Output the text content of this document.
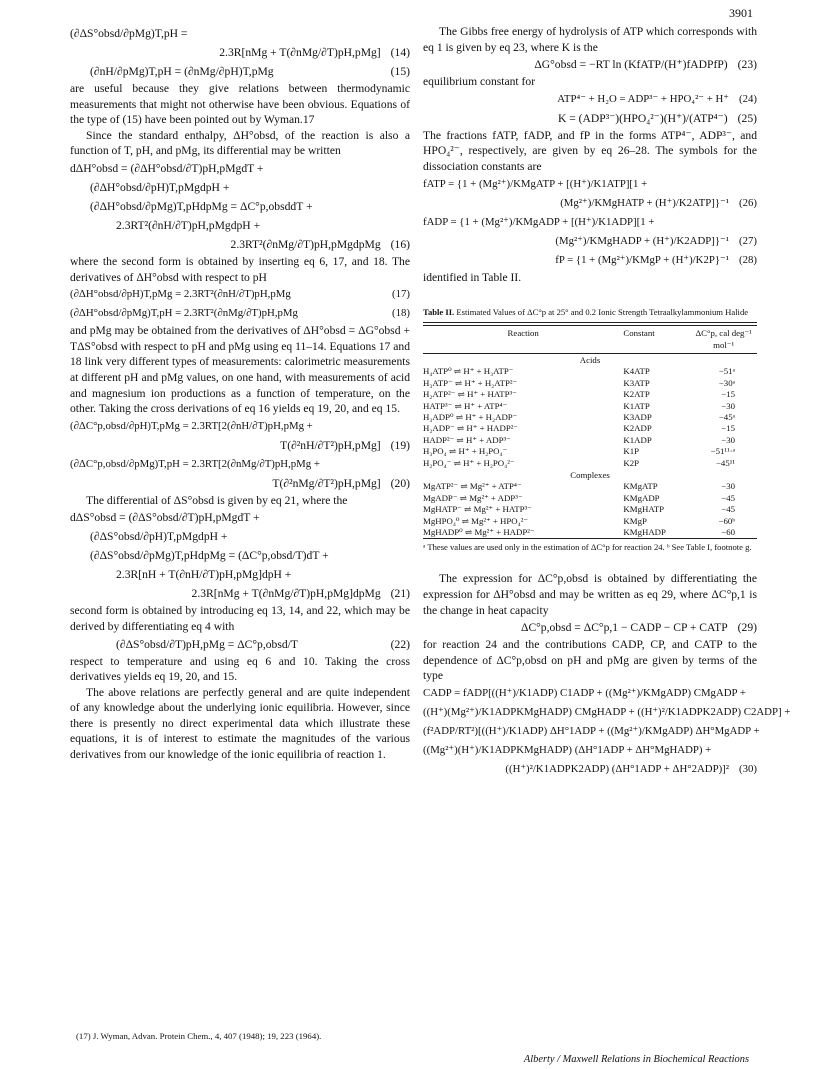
3901
(∂ΔS°obsd/∂pMg)T,pH =
2.3R[nMg + T(∂nMg/∂T)pH,pMg] (14)
(∂nH/∂pMg)T,pH = (∂nMg/∂pH)T,pMg	(15)

are useful because they give relations between thermodynamic measurements that might not otherwise have been obvious. Equations of the type of (15) have been pointed out by Wyman.17

Since the standard enthalpy, ΔH°obsd, of the reaction is also a function of T, pH, and pMg, its differential may be written

dΔH°obsd = (∂ΔH°obsd/∂T)pH,pMgdT +
(∂ΔH°obsd/∂pH)T,pMgdpH +
(∂ΔH°obsd/∂pMg)T,pHdpMg = ΔC°p,obsddT +
2.3RT²(∂nH/∂T)pH,pMgdpH +
2.3RT²(∂nMg/∂T)pH,pMgdpMg (16)

where the second form is obtained by inserting eq 6, 17, and 18. The derivatives of ΔH°obsd with respect to pH

(∂ΔH°obsd/∂pH)T,pMg = 2.3RT²(∂nH/∂T)pH,pMg	(17)
(∂ΔH°obsd/∂pMg)T,pH = 2.3RT²(∂nMg/∂T)pH,pMg	(18)

and pMg may be obtained from the derivatives of ΔH°obsd = ΔG°obsd + TΔS°obsd with respect to pH and pMg using eq 11–14. Equations 17 and 18 link very different types of measurements: calorimetric measurements at different pH and pMg values, on one hand, with measurements of acid and magnesium ion productions as a function of temperature, on the other. Taking the cross derivations of eq 16 yields eq 19, 20, and eq 15.

(∂ΔC°p,obsd/∂pH)T,pMg = 2.3RT[2(∂nH/∂T)pH,pMg +
T(∂²nH/∂T²)pH,pMg] (19)
(∂ΔC°p,obsd/∂pMg)T,pH = 2.3RT[2(∂nMg/∂T)pH,pMg +
T(∂²nMg/∂T²)pH,pMg] (20)

The differential of ΔS°obsd is given by eq 21, where the

dΔS°obsd = (∂ΔS°obsd/∂T)pH,pMgdT +
(∂ΔS°obsd/∂pH)T,pMgdpH +
(∂ΔS°obsd/∂pMg)T,pHdpMg = (ΔC°p,obsd/T)dT +
2.3R[nH + T(∂nH/∂T)pH,pMg]dpH +
2.3R[nMg + T(∂nMg/∂T)pH,pMg]dpMg (21)

second form is obtained by introducing eq 13, 14, and 22, which may be derived by differentiating eq 4 with

(∂ΔS°obsd/∂T)pH,pMg = ΔC°p,obsd/T	(22)

respect to temperature and using eq 6 and 10. Taking the cross derivatives yields eq 19, 20, and 15.

The above relations are perfectly general and are quite independent of any knowledge about the underlying ionic equilibria. However, since there is presently no direct experimental data which illustrate these equations, it is of interest to estimate the magnitudes of the various derivatives from our knowledge of the ionic equilibria of reaction 1.

(17) J. Wyman, Advan. Protein Chem., 4, 407 (1948); 19, 223 (1964).

The Gibbs free energy of hydrolysis of ATP which corresponds with eq 1 is given by eq 23, where K is the

ΔG°obsd = −RT ln (KfATP/(H⁺)fADPfP) (23)

equilibrium constant for

ATP⁴⁻ + H₂O = ADP³⁻ + HPO₄²⁻ + H⁺ (24)
K = (ADP³⁻)(HPO₄²⁻)(H⁺)/(ATP⁴⁻) (25)

The fractions fATP, fADP, and fP in the forms ATP⁴⁻, ADP³⁻, and HPO₄²⁻, respectively, are given by eq 26–28. The symbols for the dissociation constants are

fATP = {1 + (Mg²⁺)/KMgATP + [(H⁺)/K1ATP][1 +
(Mg²⁺)/KMgHATP + (H⁺)/K2ATP]}⁻¹ (26)
fADP = {1 + (Mg²⁺)/KMgADP + [(H⁺)/K1ADP][1 +
(Mg²⁺)/KMgHADP + (H⁺)/K2ADP]}⁻¹ (27)
fP = {1 + (Mg²⁺)/KMgP + (H⁺)/K2P}⁻¹ (28)

identified in Table II.

Table II. Estimated Values of ΔC°p at 25° and 0.2 Ionic Strength Tetraalkylammonium Halide
Reaction	Constant	ΔC°p, cal deg⁻¹ mol⁻¹
Acids		
H₄ATP⁰ ⇌ H⁺ + H₃ATP⁻	K4ATP	−51ᵃ
H₃ATP⁻ ⇌ H⁺ + H₂ATP²⁻	K3ATP	−30ᵃ
H₂ATP²⁻ ⇌ H⁺ + HATP³⁻	K2ATP	−15
HATP³⁻ ⇌ H⁺ + ATP⁴⁻	K1ATP	−30
H₃ADP⁰ ⇌ H⁺ + H₂ADP⁻	K3ADP	−45ᵃ
H₂ADP⁻ ⇌ H⁺ + HADP²⁻	K2ADP	−15
HADP²⁻ ⇌ H⁺ + ADP³⁻	K1ADP	−30
H₃PO₄ ⇌ H⁺ + H₂PO₄⁻	K1P	−51¹¹·ᵃ
H₂PO₄⁻ ⇌ H⁺ + H₂PO₄²⁻	K2P	−45¹¹
Complexes		
MgATP²⁻ ⇌ Mg²⁺ + ATP⁴⁻	KMgATP	−30
MgADP⁻ ⇌ Mg²⁺ + ADP³⁻	KMgADP	−45
MgHATP⁻ ⇌ Mg²⁺ + HATP³⁻	KMgHATP	−45
MgHPO₄⁰ ⇌ Mg²⁺ + HPO₄²⁻	KMgP	−60ᵇ
MgHADP⁰ ⇌ Mg²⁺ + HADP²⁻	KMgHADP	−60
ᵃ These values are used only in the estimation of ΔC°p for reaction 24. ᵇ See Table I, footnote g.

The expression for ΔC°p,obsd is obtained by differentiating the expression for ΔH°obsd and may be written as eq 29, where ΔC°p,1 is the change in heat capacity

ΔC°p,obsd = ΔC°p,1 − CADP − CP + CATP (29)

for reaction 24 and the contributions CADP, CP, and CATP to the dependence of ΔC°p,obsd on pH and pMg are given by terms of the type

CADP = fADP[((H⁺)/K1ADP) C1ADP + ((Mg²⁺)/KMgADP) CMgADP +
((H⁺)(Mg²⁺)/K1ADPKMgHADP) CMgHADP + ((H⁺)²/K1ADPK2ADP) C2ADP] +
(f²ADP/RT²)[((H⁺)/K1ADP) ΔH°1ADP + ((Mg²⁺)/KMgADP) ΔH°MgADP +
((Mg²⁺)(H⁺)/K1ADPKMgHADP) (ΔH°1ADP + ΔH°MgHADP) +
((H⁺)²/K1ADPK2ADP) (ΔH°1ADP + ΔH°2ADP)]² (30)
Alberty / Maxwell Relations in Biochemical Reactions
